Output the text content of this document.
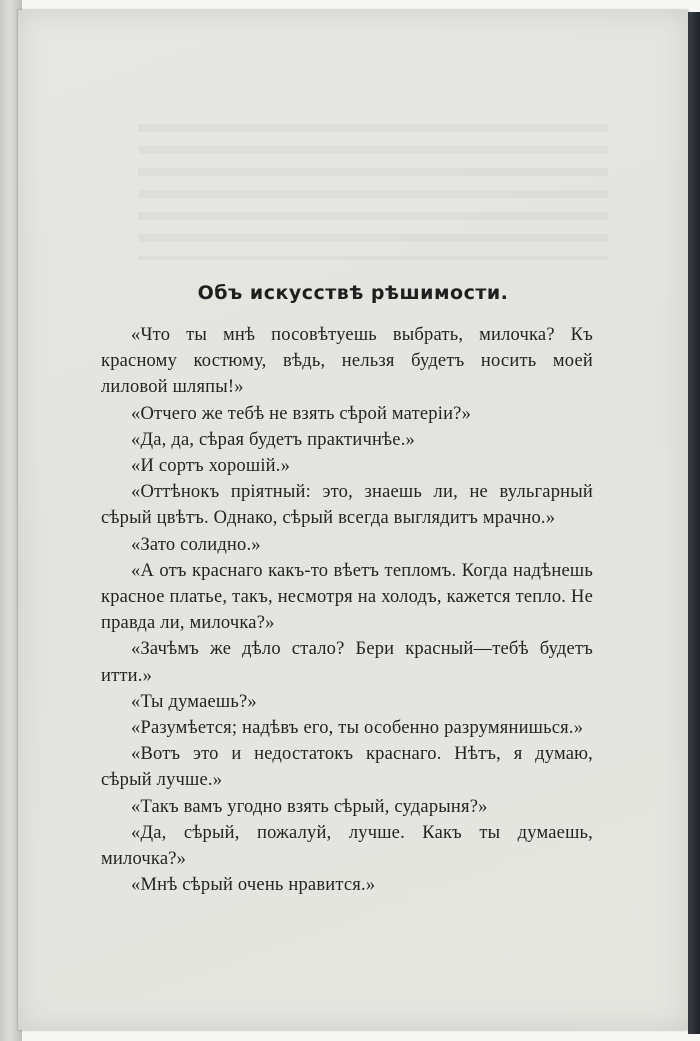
Объ искусствѣ рѣшимости.

«Что ты мнѣ посовѣтуешь выбрать, милочка? Къ красному костюму, вѣдь, нельзя будетъ носить моей лиловой шляпы!»

«Отчего же тебѣ не взять сѣрой матеріи?»

«Да, да, сѣрая будетъ практичнѣе.»

«И сортъ хорошій.»

«Оттѣнокъ пріятный: это, знаешь ли, не вульгарный сѣрый цвѣтъ. Однако, сѣрый всегда выглядитъ мрачно.»

«Зато солидно.»

«А отъ краснаго какъ-то вѣетъ тепломъ. Когда надѣнешь красное платье, такъ, несмотря на холодъ, кажется тепло. Не правда ли, милочка?»

«Зачѣмъ же дѣло стало? Бери красный—тебѣ будетъ итти.»

«Ты думаешь?»

«Разумѣется; надѣвъ его, ты особенно разрумянишься.»

«Вотъ это и недостатокъ краснаго. Нѣтъ, я думаю, сѣрый лучше.»

«Такъ вамъ угодно взять сѣрый, сударыня?»

«Да, сѣрый, пожалуй, лучше. Какъ ты думаешь, милочка?»

«Мнѣ сѣрый очень нравится.»
